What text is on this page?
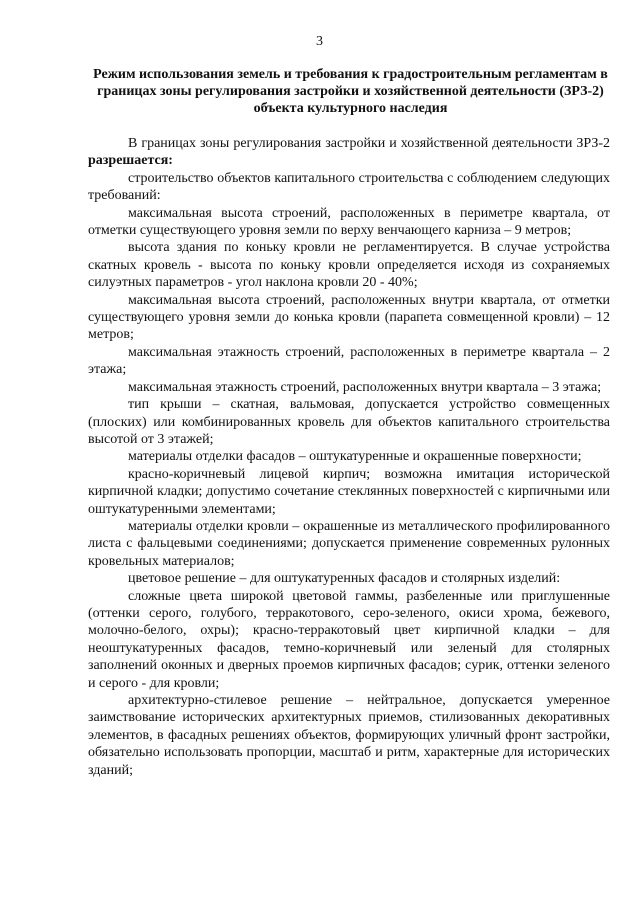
3
Режим использования земель и требования к градостроительным регламентам в границах зоны регулирования застройки и хозяйственной деятельности (ЗРЗ-2) объекта культурного наследия

В границах зоны регулирования застройки и хозяйственной деятельности ЗРЗ-2 разрешается:

строительство объектов капитального строительства с соблюдением следующих требований:

максимальная высота строений, расположенных в периметре квартала, от отметки существующего уровня земли по верху венчающего карниза – 9 метров;

высота здания по коньку кровли не регламентируется. В случае устройства скатных кровель - высота по коньку кровли определяется исходя из сохраняемых силуэтных параметров - угол наклона кровли 20 - 40%;

максимальная высота строений, расположенных внутри квартала, от отметки существующего уровня земли до конька кровли (парапета совмещенной кровли) – 12 метров;

максимальная этажность строений, расположенных в периметре квартала – 2 этажа;

максимальная этажность строений, расположенных внутри квартала – 3 этажа;

тип крыши – скатная, вальмовая, допускается устройство совмещенных (плоских) или комбинированных кровель для объектов капитального строительства высотой от 3 этажей;

материалы отделки фасадов – оштукатуренные и окрашенные поверхности;

красно-коричневый лицевой кирпич; возможна имитация исторической кирпичной кладки; допустимо сочетание стеклянных поверхностей с кирпичными или оштукатуренными элементами;

материалы отделки кровли – окрашенные из металлического профилированного листа с фальцевыми соединениями; допускается применение современных рулонных кровельных материалов;

цветовое решение – для оштукатуренных фасадов и столярных изделий:

сложные цвета широкой цветовой гаммы, разбеленные или приглушенные (оттенки серого, голубого, терракотового, серо-зеленого, окиси хрома, бежевого, молочно-белого, охры); красно-терракотовый цвет кирпичной кладки – для неоштукатуренных фасадов, темно-коричневый или зеленый для столярных заполнений оконных и дверных проемов кирпичных фасадов; сурик, оттенки зеленого и серого - для кровли;

архитектурно-стилевое решение – нейтральное, допускается умеренное заимствование исторических архитектурных приемов, стилизованных декоративных элементов, в фасадных решениях объектов, формирующих уличный фронт застройки, обязательно использовать пропорции, масштаб и ритм, характерные для исторических зданий;
